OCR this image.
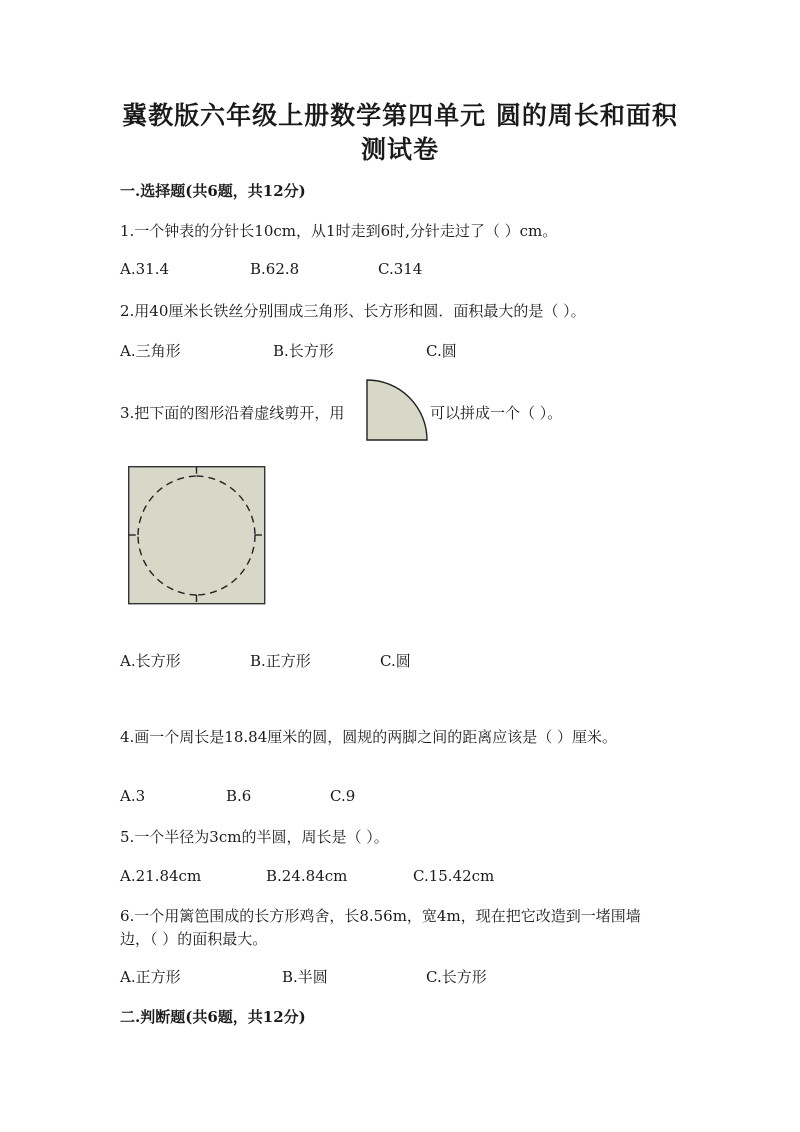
冀教版六年级上册数学第四单元 圆的周长和面积
测试卷
一.选择题(共6题，共12分)
1.一个钟表的分针长10cm，从1时走到6时,分针走过了（ ）cm。
A.31.4	B.62.8	C.314
2.用40厘米长铁丝分别围成三角形、长方形和圆．面积最大的是（ ）。
A.三角形	B.长方形	C.圆
3.把下面的图形沿着虚线剪开，用	可以拼成一个（ ）。
A.长方形	B.正方形	C.圆
4.画一个周长是18.84厘米的圆，圆规的两脚之间的距离应该是（ ）厘米。
A.3	B.6	C.9
5.一个半径为3cm的半圆，周长是（ ）。
A.21.84cm	B.24.84cm	C.15.42cm
6.一个用篱笆围成的长方形鸡舍，长8.56m，宽4m，现在把它改造到一堵围墙
边，（ ）的面积最大。
A.正方形	B.半圆	C.长方形
二.判断题(共6题，共12分)
